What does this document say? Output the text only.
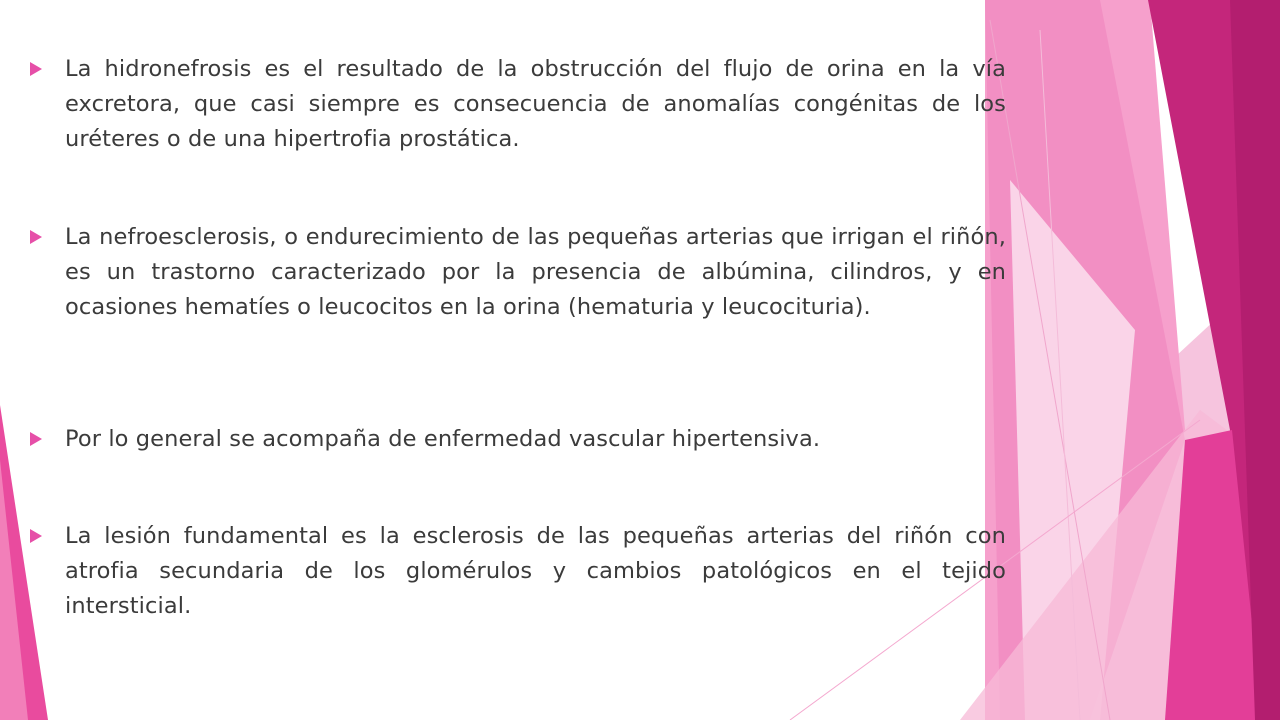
La hidronefrosis es el resultado de la obstrucción del flujo de orina en la vía excretora, que casi siempre es consecuencia de anomalías congénitas de los uréteres o de una hipertrofia prostática.

La nefroesclerosis, o endurecimiento de las pequeñas arterias que irrigan el riñón, es un trastorno caracterizado por la presencia de albúmina, cilindros, y en ocasiones hematíes o leucocitos en la orina (hematuria y leucocituria).

Por lo general se acompaña de enfermedad vascular hipertensiva.

La lesión fundamental es la esclerosis de las pequeñas arterias del riñón con atrofia secundaria de los glomérulos y cambios patológicos en el tejido intersticial.
